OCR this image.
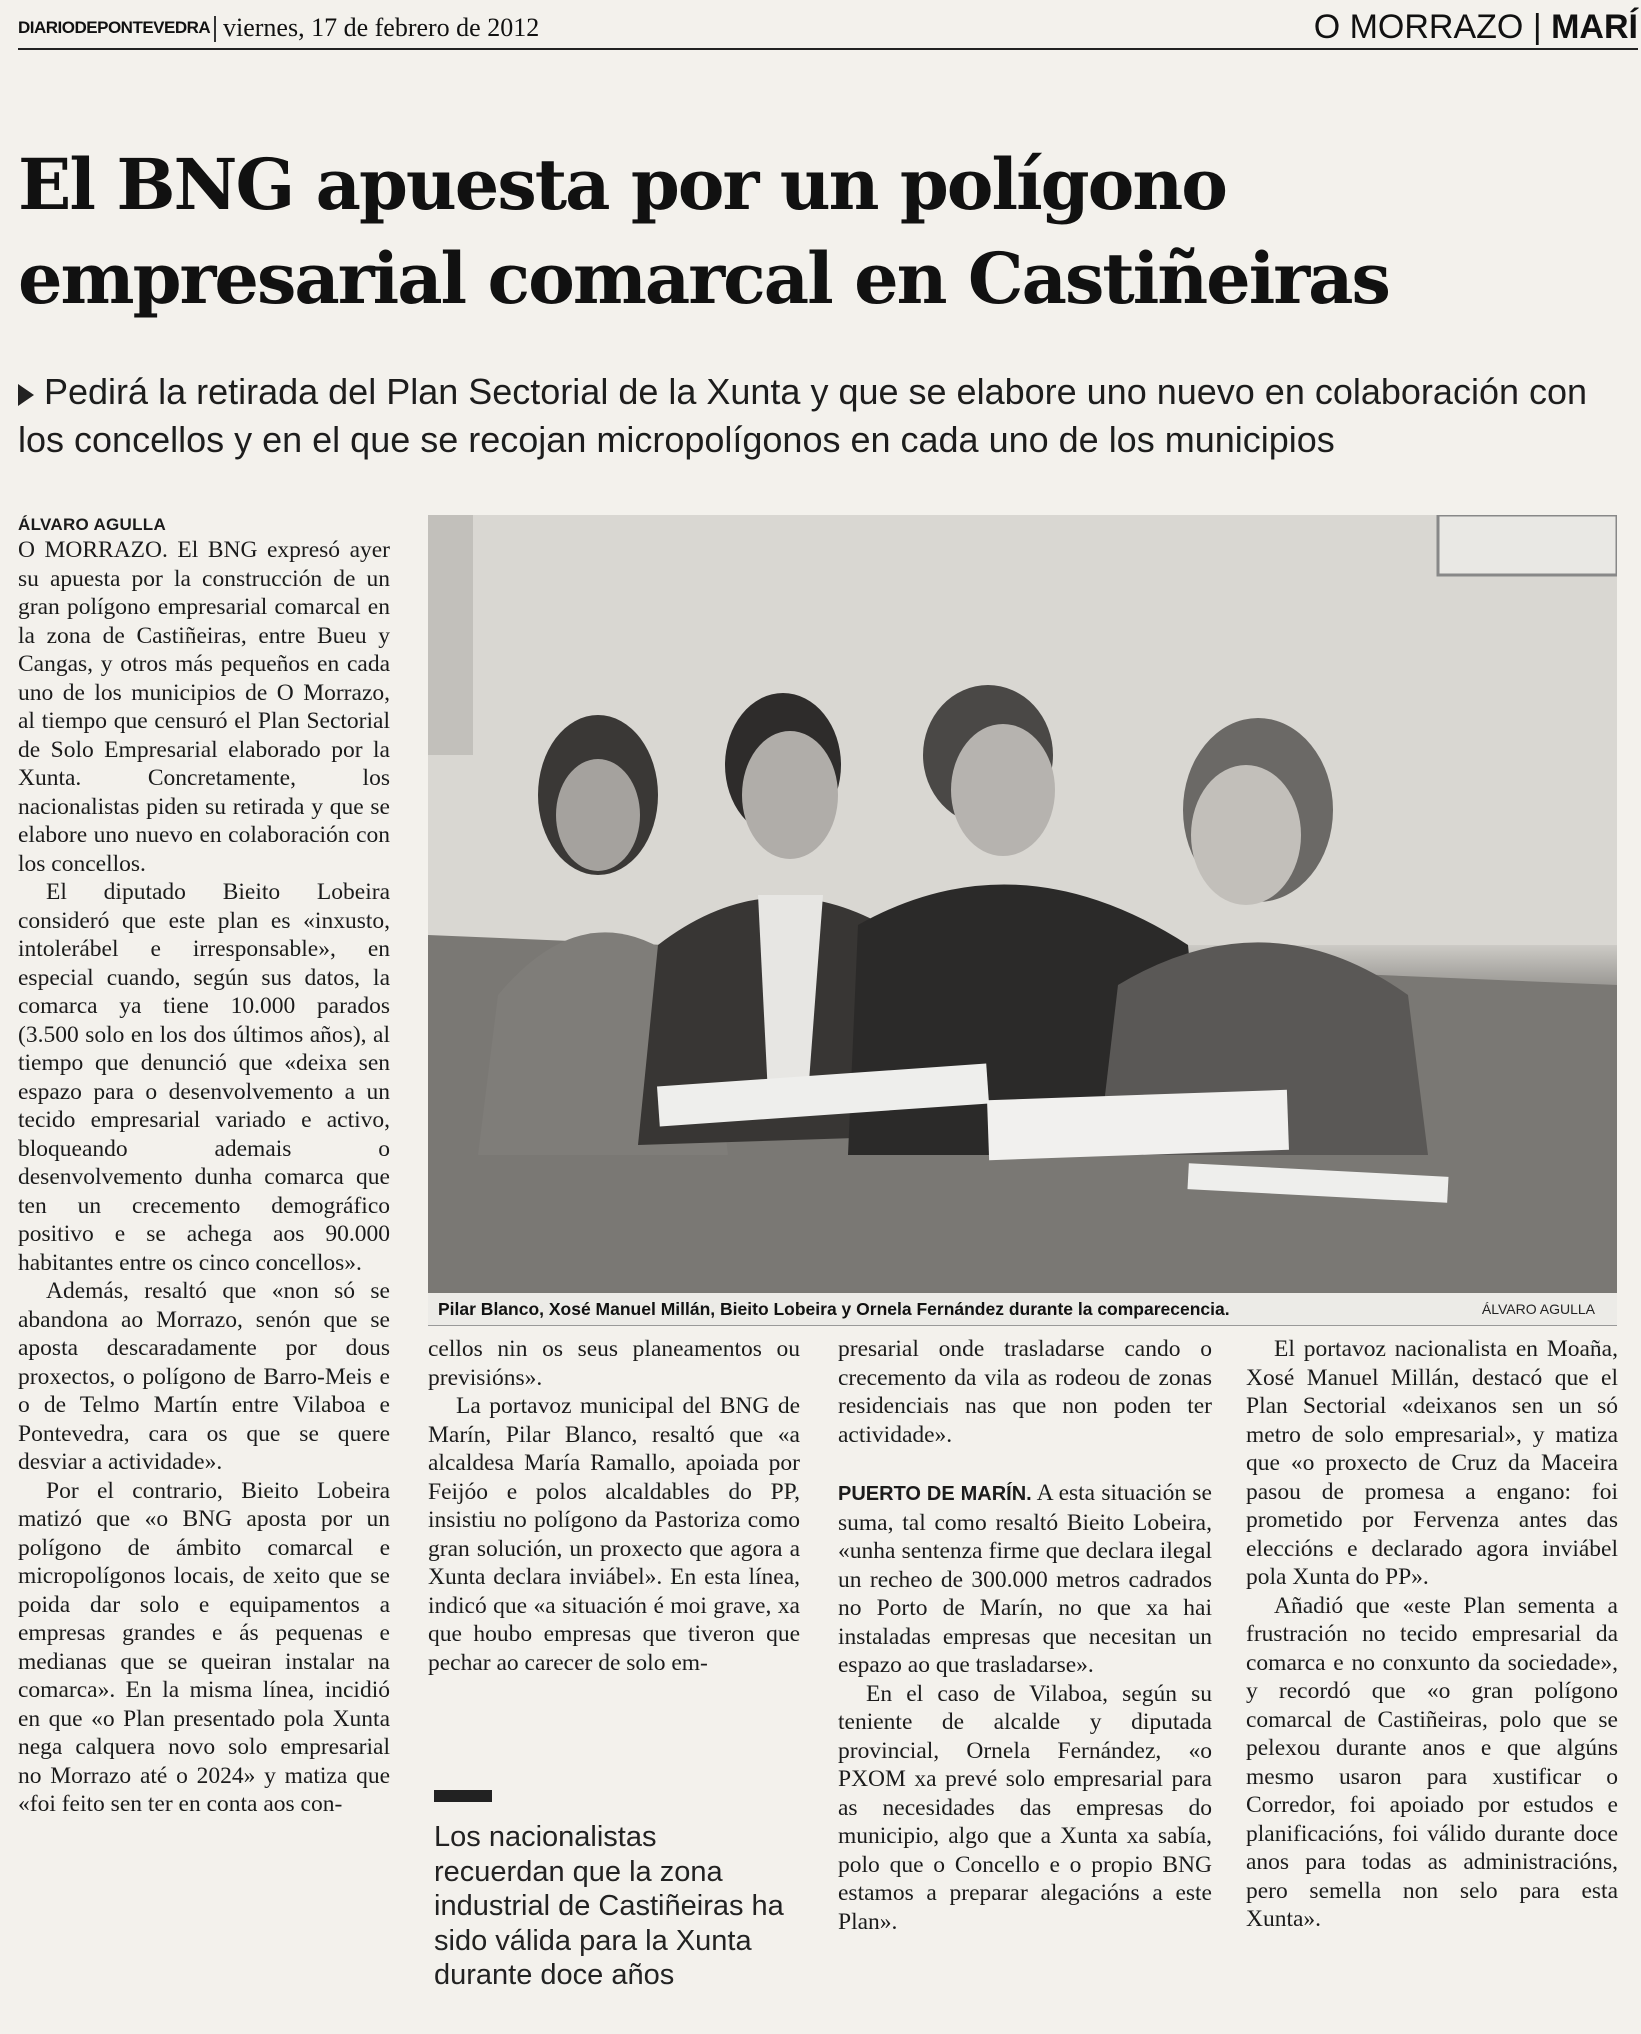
DIARIODEPONTEVEDRA viernes, 17 de febrero de 2012	O MORRAZO | MARÍ
El BNG apuesta por un polígono
empresarial comarcal en Castiñeiras
Pedirá la retirada del Plan Sectorial de la Xunta y que se elabore uno nuevo en colaboración con los concellos y en el que se recojan micropolígonos en cada uno de los municipios
ÁLVARO AGULLA

O MORRAZO. El BNG expresó ayer su apuesta por la construcción de un gran polígono empresarial comarcal en la zona de Castiñeiras, entre Bueu y Cangas, y otros más pequeños en cada uno de los municipios de O Morrazo, al tiempo que censuró el Plan Sectorial de Solo Empresarial elaborado por la Xunta. Concretamente, los nacionalistas piden su retirada y que se elabore uno nuevo en colaboración con los concellos.

El diputado Bieito Lobeira consideró que este plan es «inxusto, intolerábel e irresponsable», en especial cuando, según sus datos, la comarca ya tiene 10.000 parados (3.500 solo en los dos últimos años), al tiempo que denunció que «deixa sen espazo para o desenvolvemento a un tecido empresarial variado e activo, bloqueando ademais o desenvolvemento dunha comarca que ten un crecemento demográfico positivo e se achega aos 90.000 habitantes entre os cinco concellos».

Además, resaltó que «non só se abandona ao Morrazo, senón que se aposta descaradamente por dous proxectos, o polígono de Barro-Meis e o de Telmo Martín entre Vilaboa e Pontevedra, cara os que se quere desviar a actividade».

Por el contrario, Bieito Lobeira matizó que «o BNG aposta por un polígono de ámbito comarcal e micropolígonos locais, de xeito que se poida dar solo e equipamentos a empresas grandes e ás pequenas e medianas que se queiran instalar na comarca». En la misma línea, incidió en que «o Plan presentado pola Xunta nega calquera novo solo empresarial no Morrazo até o 2024» y matiza que «foi feito sen ter en conta aos con-

Pilar Blanco, Xosé Manuel Millán, Bieito Lobeira y Ornela Fernández durante la comparecencia.	ÁLVARO AGULLA

cellos nin os seus planeamentos ou previsións».

La portavoz municipal del BNG de Marín, Pilar Blanco, resaltó que «a alcaldesa María Ramallo, apoiada por Feijóo e polos alcaldables do PP, insistiu no polígono da Pastoriza como gran solución, un proxecto que agora a Xunta declara inviábel». En esta línea, indicó que «a situación é moi grave, xa que houbo empresas que tiveron que pechar ao carecer de solo em-

Los nacionalistas recuerdan que la zona industrial de Castiñeiras ha sido válida para la Xunta durante doce años

presarial onde trasladarse cando o crecemento da vila as rodeou de zonas residenciais nas que non poden ter actividade».

PUERTO DE MARÍN. A esta situación se suma, tal como resaltó Bieito Lobeira, «unha sentenza firme que declara ilegal un recheo de 300.000 metros cadrados no Porto de Marín, no que xa hai instaladas empresas que necesitan un espazo ao que trasladarse».

En el caso de Vilaboa, según su teniente de alcalde y diputada provincial, Ornela Fernández, «o PXOM xa prevé solo empresarial para as necesidades das empresas do municipio, algo que a Xunta xa sabía, polo que o Concello e o propio BNG estamos a preparar alegacións a este Plan».

El portavoz nacionalista en Moaña, Xosé Manuel Millán, destacó que el Plan Sectorial «deixanos sen un só metro de solo empresarial», y matiza que «o proxecto de Cruz da Maceira pasou de promesa a engano: foi prometido por Fervenza antes das eleccións e declarado agora inviábel pola Xunta do PP».

Añadió que «este Plan sementa a frustración no tecido empresarial da comarca e no conxunto da sociedade», y recordó que «o gran polígono comarcal de Castiñeiras, polo que se pelexou durante anos e que algúns mesmo usaron para xustificar o Corredor, foi apoiado por estudos e planificacións, foi válido durante doce anos para todas as administracións, pero semella non selo para esta Xunta».
